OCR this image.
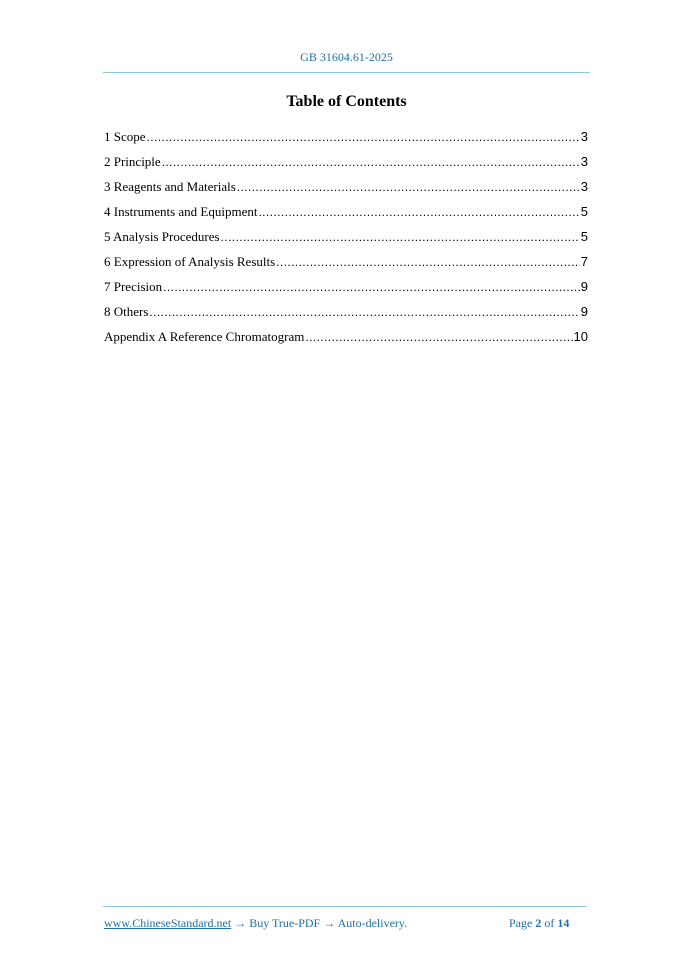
GB 31604.61-2025
Table of Contents
1 Scope .....	3
2 Principle .....	3
3 Reagents and Materials .....	3
4 Instruments and Equipment .....	5
5 Analysis Procedures .....	5
6 Expression of Analysis Results .....	7
7 Precision .....	9
8 Others .....	9
Appendix A Reference Chromatogram .....	10
www.ChineseStandard.net → Buy True-PDF → Auto-delivery.	Page 2 of 14
